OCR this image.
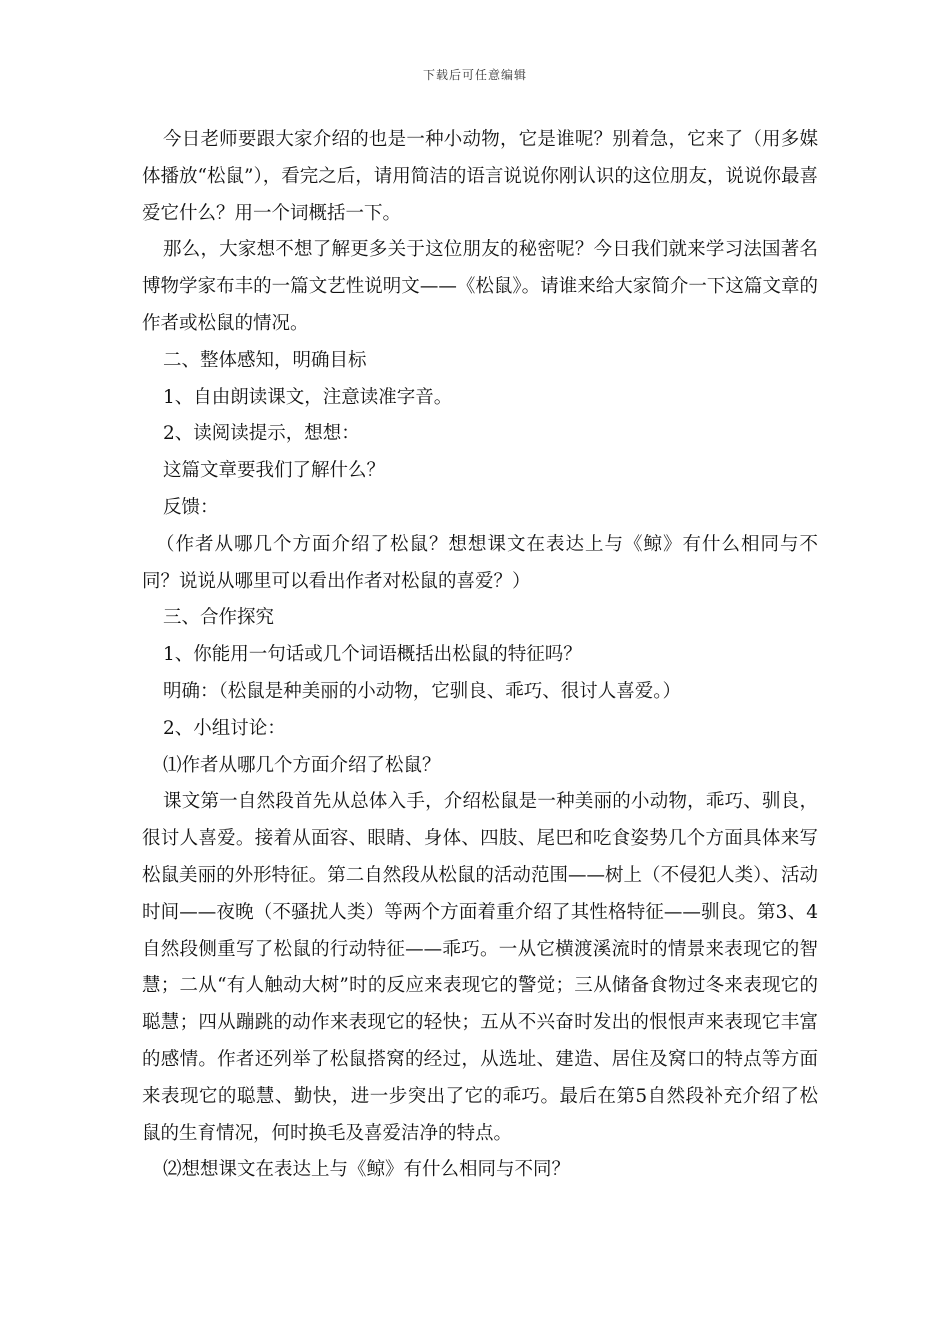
下载后可任意编辑

今日老师要跟大家介绍的也是一种小动物，它是谁呢？别着急，它来了（用多媒体播放“松鼠”），看完之后，请用简洁的语言说说你刚认识的这位朋友，说说你最喜爱它什么？用一个词概括一下。

那么，大家想不想了解更多关于这位朋友的秘密呢？今日我们就来学习法国著名博物学家布丰的一篇文艺性说明文——《松鼠》。请谁来给大家简介一下这篇文章的作者或松鼠的情况。

二、整体感知，明确目标

1、自由朗读课文，注意读准字音。

2、读阅读提示，想想：

这篇文章要我们了解什么？

反馈：

（作者从哪几个方面介绍了松鼠？想想课文在表达上与《鲸》有什么相同与不同？说说从哪里可以看出作者对松鼠的喜爱？）

三、合作探究

1、你能用一句话或几个词语概括出松鼠的特征吗？

明确：（松鼠是种美丽的小动物，它驯良、乖巧、很讨人喜爱。）

2、小组讨论：

⑴作者从哪几个方面介绍了松鼠？

课文第一自然段首先从总体入手，介绍松鼠是一种美丽的小动物，乖巧、驯良，很讨人喜爱。接着从面容、眼睛、身体、四肢、尾巴和吃食姿势几个方面具体来写松鼠美丽的外形特征。第二自然段从松鼠的活动范围——树上（不侵犯人类）、活动时间——夜晚（不骚扰人类）等两个方面着重介绍了其性格特征——驯良。第3、4自然段侧重写了松鼠的行动特征——乖巧。一从它横渡溪流时的情景来表现它的智慧；二从“有人触动大树”时的反应来表现它的警觉；三从储备食物过冬来表现它的聪慧；四从蹦跳的动作来表现它的轻快；五从不兴奋时发出的恨恨声来表现它丰富的感情。作者还列举了松鼠搭窝的经过，从选址、建造、居住及窝口的特点等方面来表现它的聪慧、勤快，进一步突出了它的乖巧。最后在第5自然段补充介绍了松鼠的生育情况，何时换毛及喜爱洁净的特点。

⑵想想课文在表达上与《鲸》有什么相同与不同？
